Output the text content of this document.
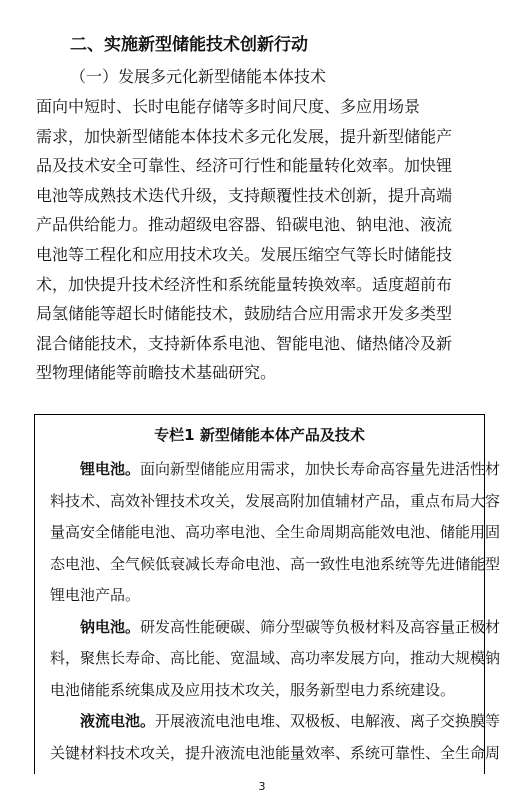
二、实施新型储能技术创新行动
（一）发展多元化新型储能本体技术
面向中短时、长时电能存储等多时间尺度、多应用场景
需求，加快新型储能本体技术多元化发展，提升新型储能产
品及技术安全可靠性、经济可行性和能量转化效率。加快锂
电池等成熟技术迭代升级，支持颠覆性技术创新，提升高端
产品供给能力。推动超级电容器、铅碳电池、钠电池、液流
电池等工程化和应用技术攻关。发展压缩空气等长时储能技
术，加快提升技术经济性和系统能量转换效率。适度超前布
局氢储能等超长时储能技术，鼓励结合应用需求开发多类型
混合储能技术，支持新体系电池、智能电池、储热储冷及新
型物理储能等前瞻技术基础研究。
专栏1 新型储能本体产品及技术
锂电池。面向新型储能应用需求，加快长寿命高容量先进活性材
料技术、高效补锂技术攻关，发展高附加值辅材产品，重点布局大容
量高安全储能电池、高功率电池、全生命周期高能效电池、储能用固
态电池、全气候低衰减长寿命电池、高一致性电池系统等先进储能型
锂电池产品。
钠电池。研发高性能硬碳、筛分型碳等负极材料及高容量正极材
料，聚焦长寿命、高比能、宽温域、高功率发展方向，推动大规模钠
电池储能系统集成及应用技术攻关，服务新型电力系统建设。
液流电池。开展液流电池电堆、双极板、电解液、离子交换膜等
关键材料技术攻关，提升液流电池能量效率、系统可靠性、全生命周
3
